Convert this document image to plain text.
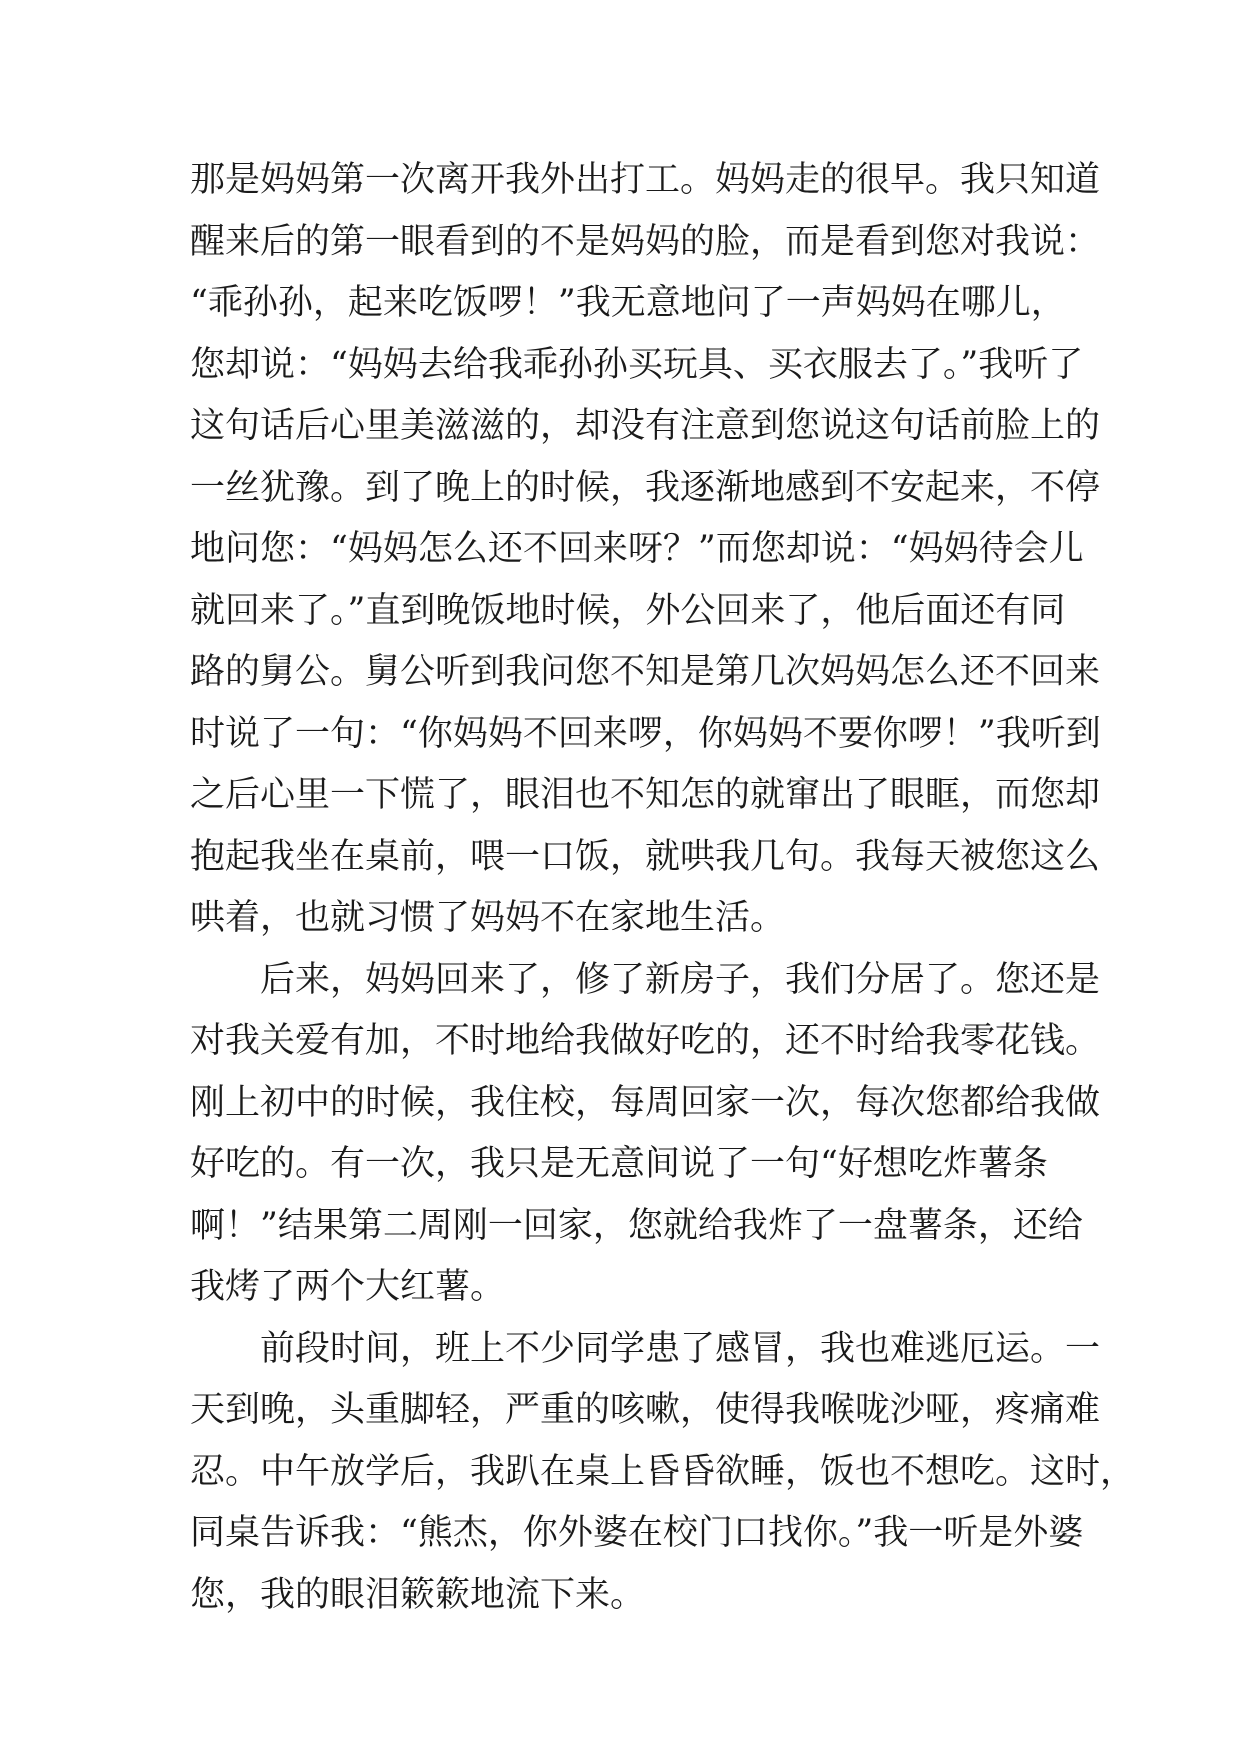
那是妈妈第一次离开我外出打工。妈妈走的很早。我只知道
醒来后的第一眼看到的不是妈妈的脸，而是看到您对我说：
“乖孙孙，起来吃饭啰！”我无意地问了一声妈妈在哪儿，
您却说：“妈妈去给我乖孙孙买玩具、买衣服去了。”我听了
这句话后心里美滋滋的，却没有注意到您说这句话前脸上的
一丝犹豫。到了晚上的时候，我逐渐地感到不安起来，不停
地问您：“妈妈怎么还不回来呀？”而您却说：“妈妈待会儿
就回来了。”直到晚饭地时候，外公回来了，他后面还有同
路的舅公。舅公听到我问您不知是第几次妈妈怎么还不回来
时说了一句：“你妈妈不回来啰，你妈妈不要你啰！”我听到
之后心里一下慌了，眼泪也不知怎的就窜出了眼眶，而您却
抱起我坐在桌前，喂一口饭，就哄我几句。我每天被您这么
哄着，也就习惯了妈妈不在家地生活。
后来，妈妈回来了，修了新房子，我们分居了。您还是
对我关爱有加，不时地给我做好吃的，还不时给我零花钱。
刚上初中的时候，我住校，每周回家一次，每次您都给我做
好吃的。有一次，我只是无意间说了一句“好想吃炸薯条
啊！”结果第二周刚一回家，您就给我炸了一盘薯条，还给
我烤了两个大红薯。
前段时间，班上不少同学患了感冒，我也难逃厄运。一
天到晚，头重脚轻，严重的咳嗽，使得我喉咙沙哑，疼痛难
忍。中午放学后，我趴在桌上昏昏欲睡，饭也不想吃。这时，
同桌告诉我：“熊杰，你外婆在校门口找你。”我一听是外婆
您，我的眼泪簌簌地流下来。
